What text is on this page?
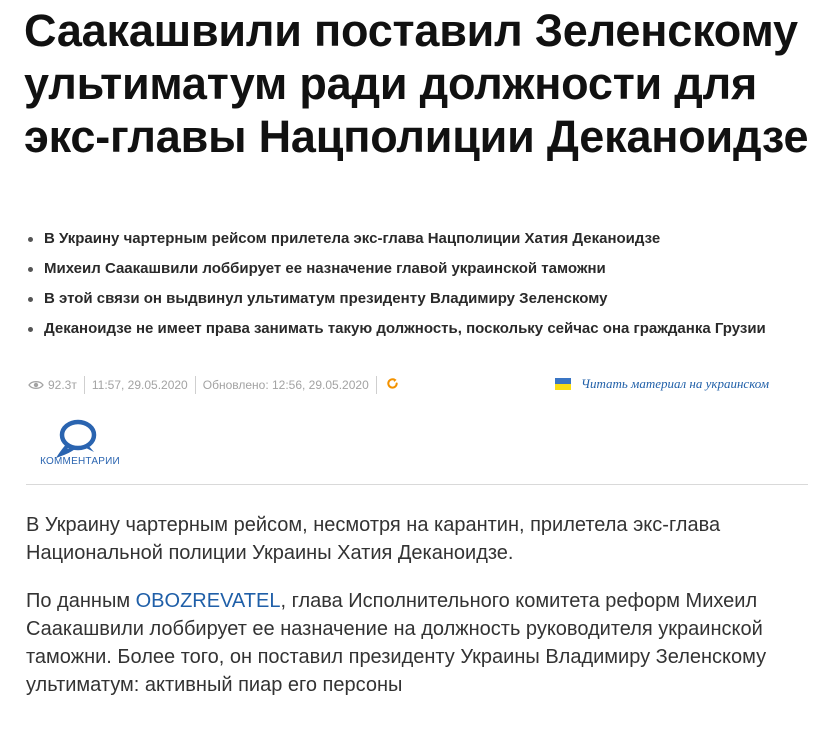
Саакашвили поставил Зеленскому ультиматум ради должности для экс-главы Нацполиции Деканоидзе
В Украину чартерным рейсом прилетела экс-глава Нацполиции Хатия Деканоидзе
Михеил Саакашвили лоббирует ее назначение главой украинской таможни
В этой связи он выдвинул ультиматум президенту Владимиру Зеленскому
Деканоидзе не имеет права занимать такую должность, поскольку сейчас она гражданка Грузии
92.3т 11:57, 29.05.2020 Обновлено: 12:56, 29.05.2020	Читать материал на украинском
КОММЕНТАРИИ

В Украину чартерным рейсом, несмотря на карантин, прилетела экс-глава Национальной полиции Украины Хатия Деканоидзе.

По данным OBOZREVATEL, глава Исполнительного комитета реформ Михеил Саакашвили лоббирует ее назначение на должность руководителя украинской таможни. Более того, он поставил президенту Украины Владимиру Зеленскому ультиматум: активный пиар его персоны
